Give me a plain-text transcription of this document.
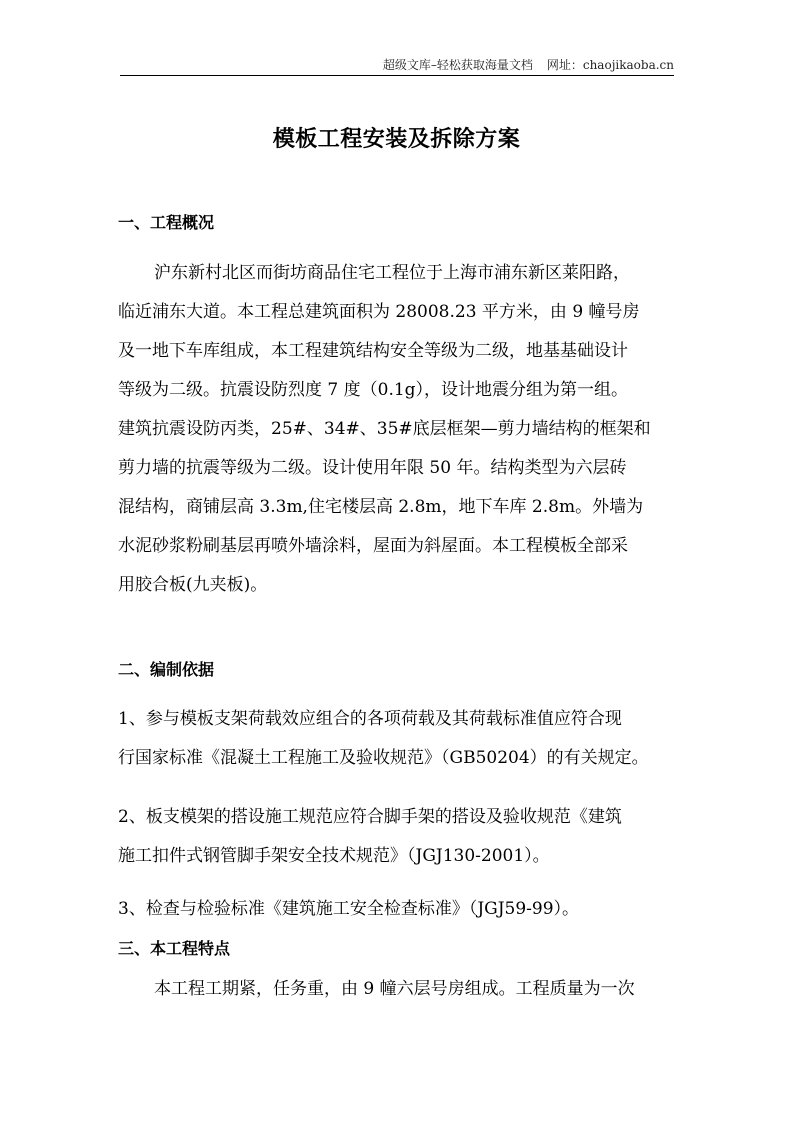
超级文库–轻松获取海量文档 网址：chaojikaoba.cn
模板工程安装及拆除方案
一、工程概况
沪东新村北区而街坊商品住宅工程位于上海市浦东新区莱阳路，
临近浦东大道。本工程总建筑面积为 28008.23 平方米，由 9 幢号房
及一地下车库组成，本工程建筑结构安全等级为二级，地基基础设计
等级为二级。抗震设防烈度 7 度（0.1g），设计地震分组为第一组。
建筑抗震设防丙类，25#、34#、35#底层框架—剪力墙结构的框架和
剪力墙的抗震等级为二级。设计使用年限 50 年。结构类型为六层砖
混结构，商铺层高 3.3m,住宅楼层高 2.8m，地下车库 2.8m。外墙为
水泥砂浆粉刷基层再喷外墙涂料，屋面为斜屋面。本工程模板全部采
用胶合板(九夹板)。
二、编制依据
1、参与模板支架荷载效应组合的各项荷载及其荷载标准值应符合现
行国家标准《混凝土工程施工及验收规范》（GB50204）的有关规定。
2、板支模架的搭设施工规范应符合脚手架的搭设及验收规范《建筑
施工扣件式钢管脚手架安全技术规范》（JGJ130-2001）。
3、检查与检验标准《建筑施工安全检查标准》（JGJ59-99）。
三、本工程特点
本工程工期紧，任务重，由 9 幢六层号房组成。工程质量为一次
